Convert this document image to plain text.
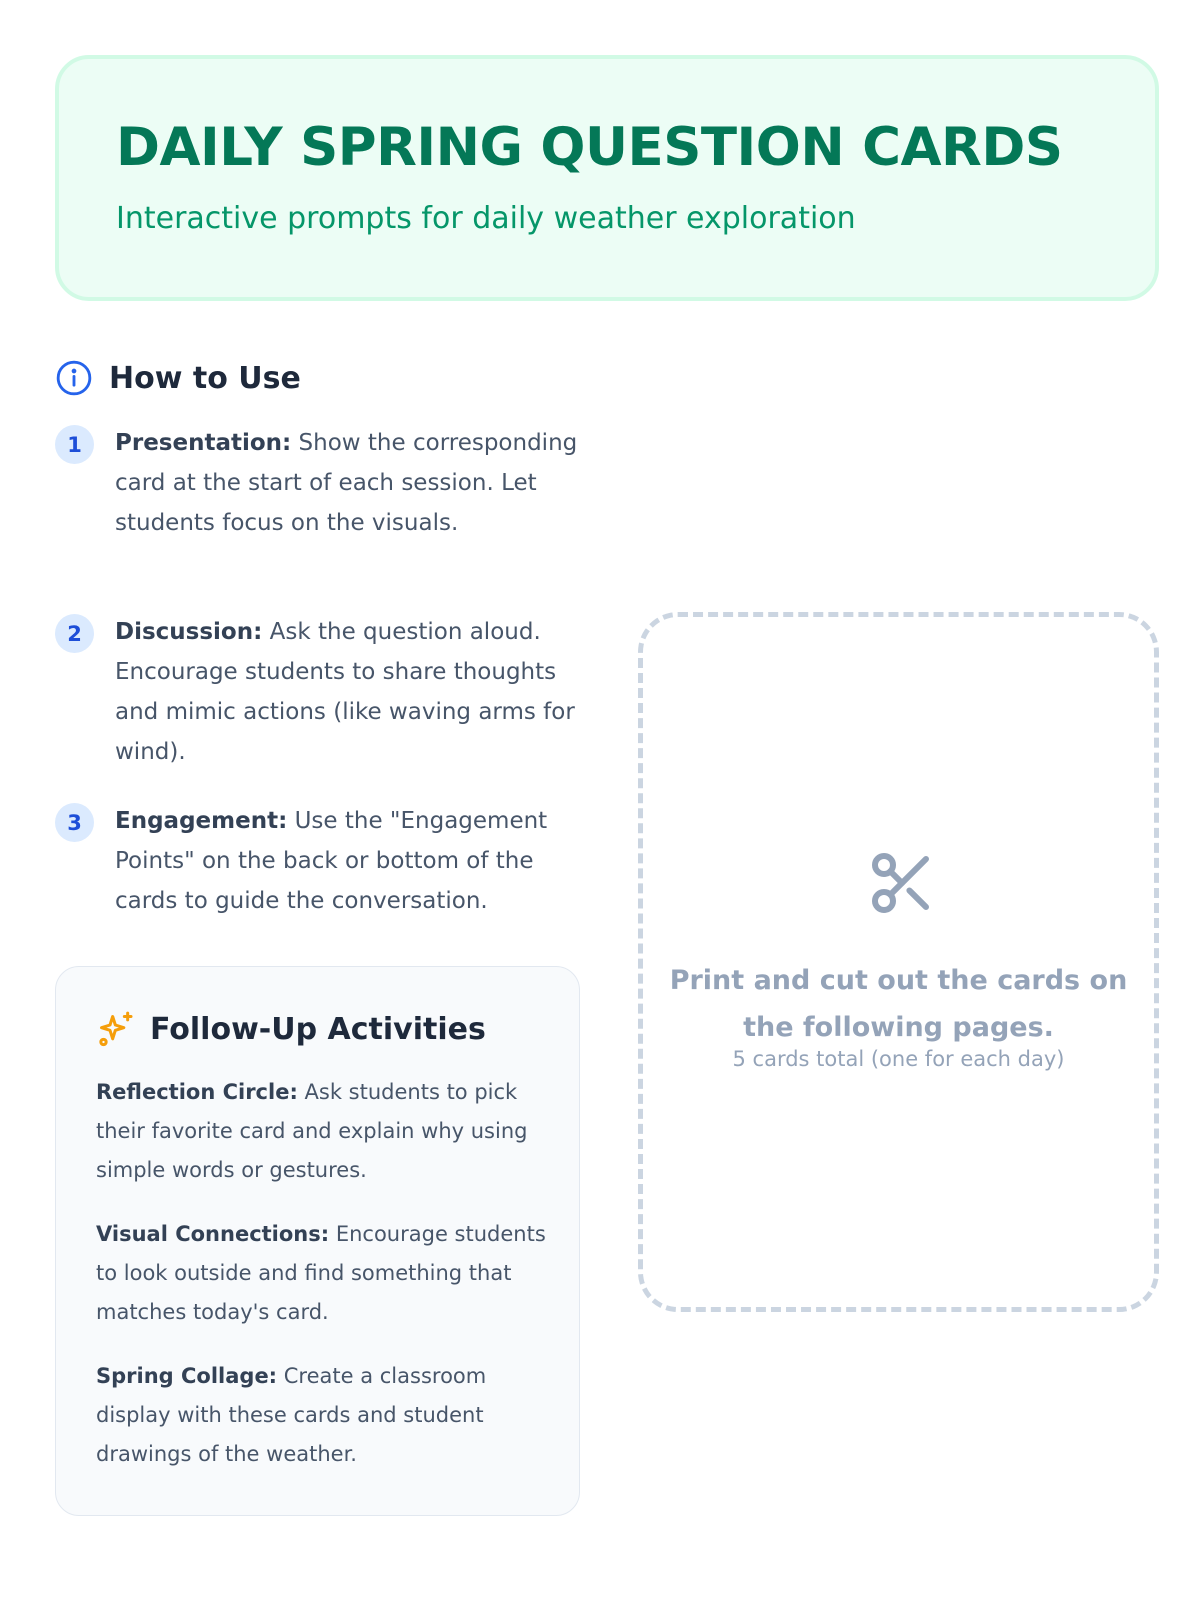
DAILY SPRING QUESTION CARDS
Interactive prompts for daily weather exploration
How to Use
1	Presentation: Show the corresponding card at the start of each session. Let students focus on the visuals.
2	Discussion: Ask the question aloud. Encourage students to share thoughts and mimic actions (like waving arms for wind).
3	Engagement: Use the "Engagement Points" on the back or bottom of the cards to guide the conversation.
Follow-Up Activities
Reflection Circle: Ask students to pick their favorite card and explain why using simple words or gestures.
Visual Connections: Encourage students to look outside and find something that matches today's card.
Spring Collage: Create a classroom display with these cards and student drawings of the weather.
Print and cut out the cards on the following pages.
5 cards total (one for each day)
